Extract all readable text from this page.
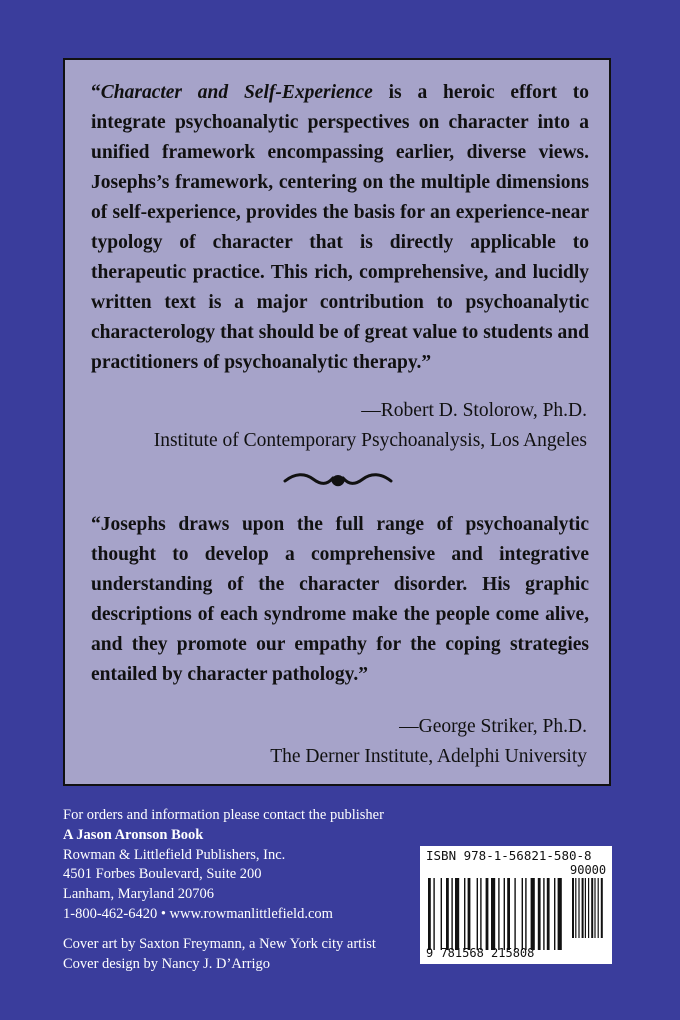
“Character and Self-Experience is a heroic effort to integrate psychoanalytic perspectives on character into a unified framework encompassing earlier, diverse views. Josephs’s framework, centering on the multiple dimensions of self-experience, provides the basis for an experience-near typology of character that is directly applicable to therapeutic practice. This rich, comprehensive, and lucidly written text is a major contribution to psychoanalytic characterology that should be of great value to students and practitioners of psychoanalytic therapy.”

—Robert D. Stolorow, Ph.D.
Institute of Contemporary Psychoanalysis, Los Angeles

“Josephs draws upon the full range of psychoanalytic thought to develop a comprehensive and integrative understanding of the character disorder. His graphic descriptions of each syndrome make the people come alive, and they promote our empathy for the coping strategies entailed by character pathology.”

—George Striker, Ph.D.
The Derner Institute, Adelphi University
For orders and information please contact the publisher
A Jason Aronson Book
Rowman & Littlefield Publishers, Inc.
4501 Forbes Boulevard, Suite 200
Lanham, Maryland 20706
1-800-462-6420 • www.rowmanlittlefield.com
Cover art by Saxton Freymann, a New York city artist
Cover design by Nancy J. D’Arrigo
ISBN 978-1-56821-580-8
90000
9 781568 215808
